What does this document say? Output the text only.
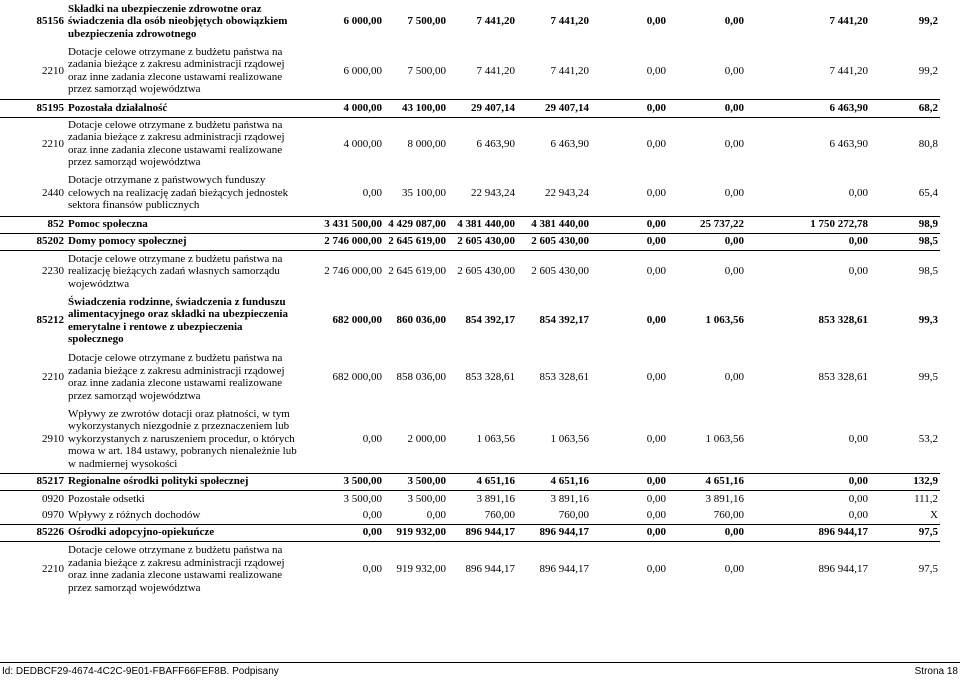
85156	Składki na ubezpieczenie zdrowotne oraz świadczenia dla osób nieobjętych obowiązkiem ubezpieczenia zdrowotnego	6 000,00	7 500,00	7 441,20	7 441,20	0,00	0,00	7 441,20	99,2
2210	Dotacje celowe otrzymane z budżetu państwa na zadania bieżące z zakresu administracji rządowej oraz inne zadania zlecone ustawami realizowane przez samorząd województwa	6 000,00	7 500,00	7 441,20	7 441,20	0,00	0,00	7 441,20	99,2
85195	Pozostała działalność	4 000,00	43 100,00	29 407,14	29 407,14	0,00	0,00	6 463,90	68,2
2210	Dotacje celowe otrzymane z budżetu państwa na zadania bieżące z zakresu administracji rządowej oraz inne zadania zlecone ustawami realizowane przez samorząd województwa	4 000,00	8 000,00	6 463,90	6 463,90	0,00	0,00	6 463,90	80,8
2440	Dotacje otrzymane z państwowych funduszy celowych na realizację zadań bieżących jednostek sektora finansów publicznych	0,00	35 100,00	22 943,24	22 943,24	0,00	0,00	0,00	65,4
852	Pomoc społeczna	3 431 500,00	4 429 087,00	4 381 440,00	4 381 440,00	0,00	25 737,22	1 750 272,78	98,9
85202	Domy pomocy społecznej	2 746 000,00	2 645 619,00	2 605 430,00	2 605 430,00	0,00	0,00	0,00	98,5
2230	Dotacje celowe otrzymane z budżetu państwa na realizację bieżących zadań własnych samorządu województwa	2 746 000,00	2 645 619,00	2 605 430,00	2 605 430,00	0,00	0,00	0,00	98,5
85212	Świadczenia rodzinne, świadczenia z funduszu alimentacyjnego oraz składki na ubezpieczenia emerytalne i rentowe z ubezpieczenia społecznego	682 000,00	860 036,00	854 392,17	854 392,17	0,00	1 063,56	853 328,61	99,3
2210	Dotacje celowe otrzymane z budżetu państwa na zadania bieżące z zakresu administracji rządowej oraz inne zadania zlecone ustawami realizowane przez samorząd województwa	682 000,00	858 036,00	853 328,61	853 328,61	0,00	0,00	853 328,61	99,5
2910	Wpływy ze zwrotów dotacji oraz płatności, w tym wykorzystanych niezgodnie z przeznaczeniem lub wykorzystanych z naruszeniem procedur, o których mowa w art. 184 ustawy, pobranych nienależnie lub w nadmiernej wysokości	0,00	2 000,00	1 063,56	1 063,56	0,00	1 063,56	0,00	53,2
85217	Regionalne ośrodki polityki społecznej	3 500,00	3 500,00	4 651,16	4 651,16	0,00	4 651,16	0,00	132,9
0920	Pozostałe odsetki	3 500,00	3 500,00	3 891,16	3 891,16	0,00	3 891,16	0,00	111,2
0970	Wpływy z różnych dochodów	0,00	0,00	760,00	760,00	0,00	760,00	0,00	X
85226	Ośrodki adopcyjno-opiekuńcze	0,00	919 932,00	896 944,17	896 944,17	0,00	0,00	896 944,17	97,5
2210	Dotacje celowe otrzymane z budżetu państwa na zadania bieżące z zakresu administracji rządowej oraz inne zadania zlecone ustawami realizowane przez samorząd województwa	0,00	919 932,00	896 944,17	896 944,17	0,00	0,00	896 944,17	97,5
Id: DEDBCF29-4674-4C2C-9E01-FBAFF66FEF8B. Podpisany	Strona 18
